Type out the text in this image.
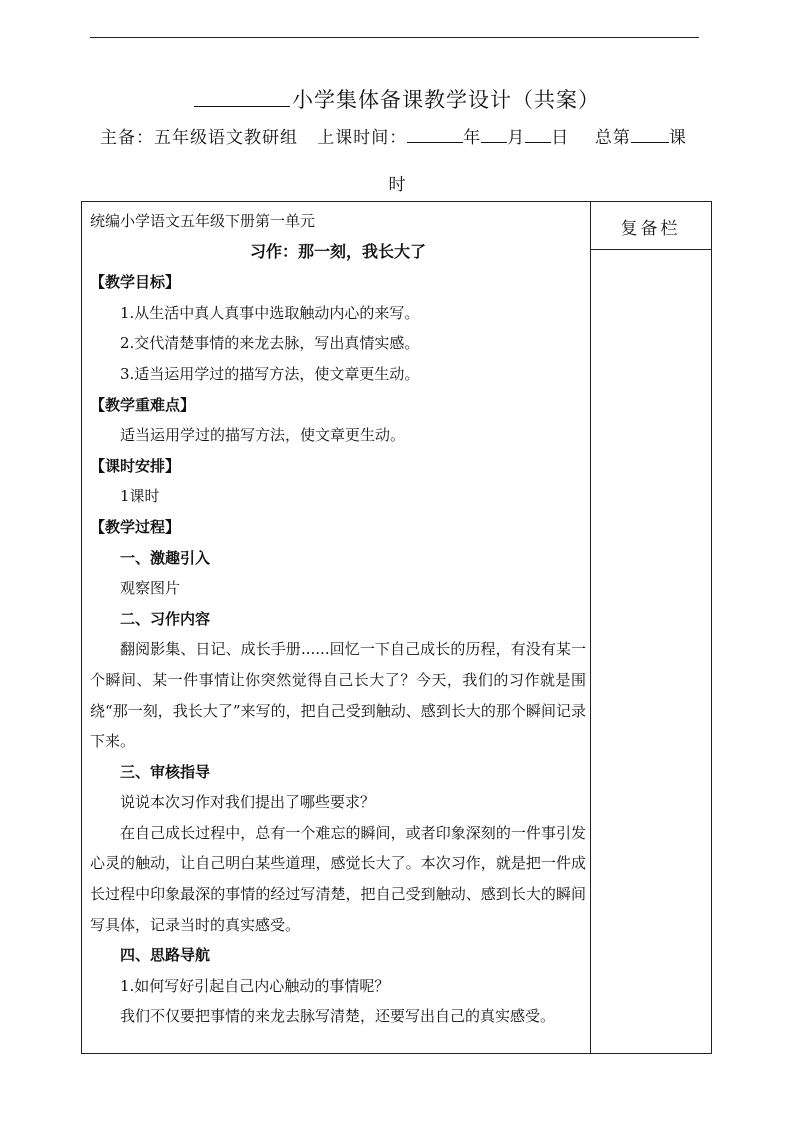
小学集体备课教学设计（共案）
主备：五年级语文教研组 上课时间：	年 月 日 总第 课
时
复备栏
统编小学语文五年级下册第一单元
习作：那一刻，我长大了
【教学目标】
1.从生活中真人真事中选取触动内心的来写。
2.交代清楚事情的来龙去脉，写出真情实感。
3.适当运用学过的描写方法，使文章更生动。
【教学重难点】
适当运用学过的描写方法，使文章更生动。
【课时安排】
1课时
【教学过程】
一、激趣引入
观察图片
二、习作内容
翻阅影集、日记、成长手册......回忆一下自己成长的历程，有没有某一个瞬间、某一件事情让你突然觉得自己长大了？今天，我们的习作就是围绕“那一刻，我长大了”来写的，把自己受到触动、感到长大的那个瞬间记录下来。
三、审核指导
说说本次习作对我们提出了哪些要求？
在自己成长过程中，总有一个难忘的瞬间，或者印象深刻的一件事引发心灵的触动，让自己明白某些道理，感觉长大了。本次习作，就是把一件成长过程中印象最深的事情的经过写清楚，把自己受到触动、感到长大的瞬间写具体，记录当时的真实感受。
四、思路导航
1.如何写好引起自己内心触动的事情呢？
我们不仅要把事情的来龙去脉写清楚，还要写出自己的真实感受。
